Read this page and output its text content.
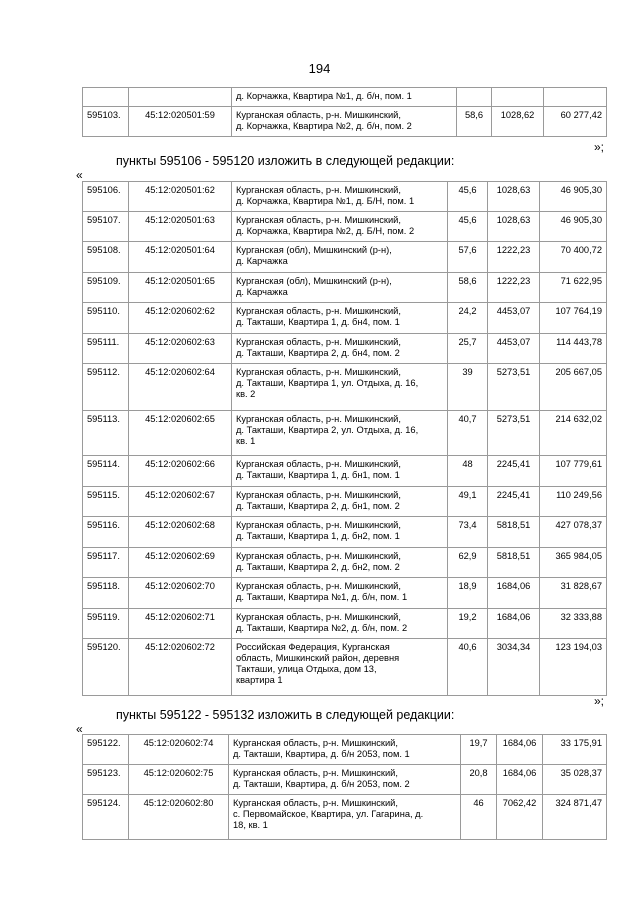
194

		д. Корчажка, Квартира №1, д. б/н, пом. 1			

595103.	45:12:020501:59	Курганская область, р-н. Мишкинский,
д. Корчажка, Квартира №2, д. б/н, пом. 2	58,6	1028,62	60 277,42
»;
пункты 595106 - 595120 изложить в следующей редакции:
«
595106.	45:12:020501:62	Курганская область, р-н. Мишкинский,
д. Корчажка, Квартира №1, д. Б/Н, пом. 1	45,6	1028,63	46 905,30
595107.	45:12:020501:63	Курганская область, р-н. Мишкинский,
д. Корчажка, Квартира №2, д. Б/Н, пом. 2	45,6	1028,63	46 905,30
595108.	45:12:020501:64	Курганская (обл), Мишкинский (р-н),
д. Карчажка	57,6	1222,23	70 400,72
595109.	45:12:020501:65	Курганская (обл), Мишкинский (р-н),
д. Карчажка	58,6	1222,23	71 622,95
595110.	45:12:020602:62	Курганская область, р-н. Мишкинский,
д. Такташи, Квартира 1, д. бн4, пом. 1	24,2	4453,07	107 764,19
595111.	45:12:020602:63	Курганская область, р-н. Мишкинский,
д. Такташи, Квартира 2, д. бн4, пом. 2	25,7	4453,07	114 443,78
595112.	45:12:020602:64	Курганская область, р-н. Мишкинский,
д. Такташи, Квартира 1, ул. Отдыха, д. 16,
кв. 2	39	5273,51	205 667,05
595113.	45:12:020602:65	Курганская область, р-н. Мишкинский,
д. Такташи, Квартира 2, ул. Отдыха, д. 16,
кв. 1	40,7	5273,51	214 632,02
595114.	45:12:020602:66	Курганская область, р-н. Мишкинский,
д. Такташи, Квартира 1, д. бн1, пом. 1	48	2245,41	107 779,61
595115.	45:12:020602:67	Курганская область, р-н. Мишкинский,
д. Такташи, Квартира 2, д. бн1, пом. 2	49,1	2245,41	110 249,56
595116.	45:12:020602:68	Курганская область, р-н. Мишкинский,
д. Такташи, Квартира 1, д. бн2, пом. 1	73,4	5818,51	427 078,37
595117.	45:12:020602:69	Курганская область, р-н. Мишкинский,
д. Такташи, Квартира 2, д. бн2, пом. 2	62,9	5818,51	365 984,05
595118.	45:12:020602:70	Курганская область, р-н. Мишкинский,
д. Такташи, Квартира №1, д. б/н, пом. 1	18,9	1684,06	31 828,67
595119.	45:12:020602:71	Курганская область, р-н. Мишкинский,
д. Такташи, Квартира №2, д. б/н, пом. 2	19,2	1684,06	32 333,88
595120.	45:12:020602:72	Российская Федерация, Курганская
область, Мишкинский район, деревня
Такташи, улица Отдыха, дом 13,
квартира 1	40,6	3034,34	123 194,03
»;
пункты 595122 - 595132 изложить в следующей редакции:
«
595122.	45:12:020602:74	Курганская область, р-н. Мишкинский,
д. Такташи, Квартира, д. б/н 2053, пом. 1	19,7	1684,06	33 175,91
595123.	45:12:020602:75	Курганская область, р-н. Мишкинский,
д. Такташи, Квартира, д. б/н 2053, пом. 2	20,8	1684,06	35 028,37
595124.	45:12:020602:80	Курганская область, р-н. Мишкинский,
с. Первомайское, Квартира, ул. Гагарина, д.
18, кв. 1	46	7062,42	324 871,47
